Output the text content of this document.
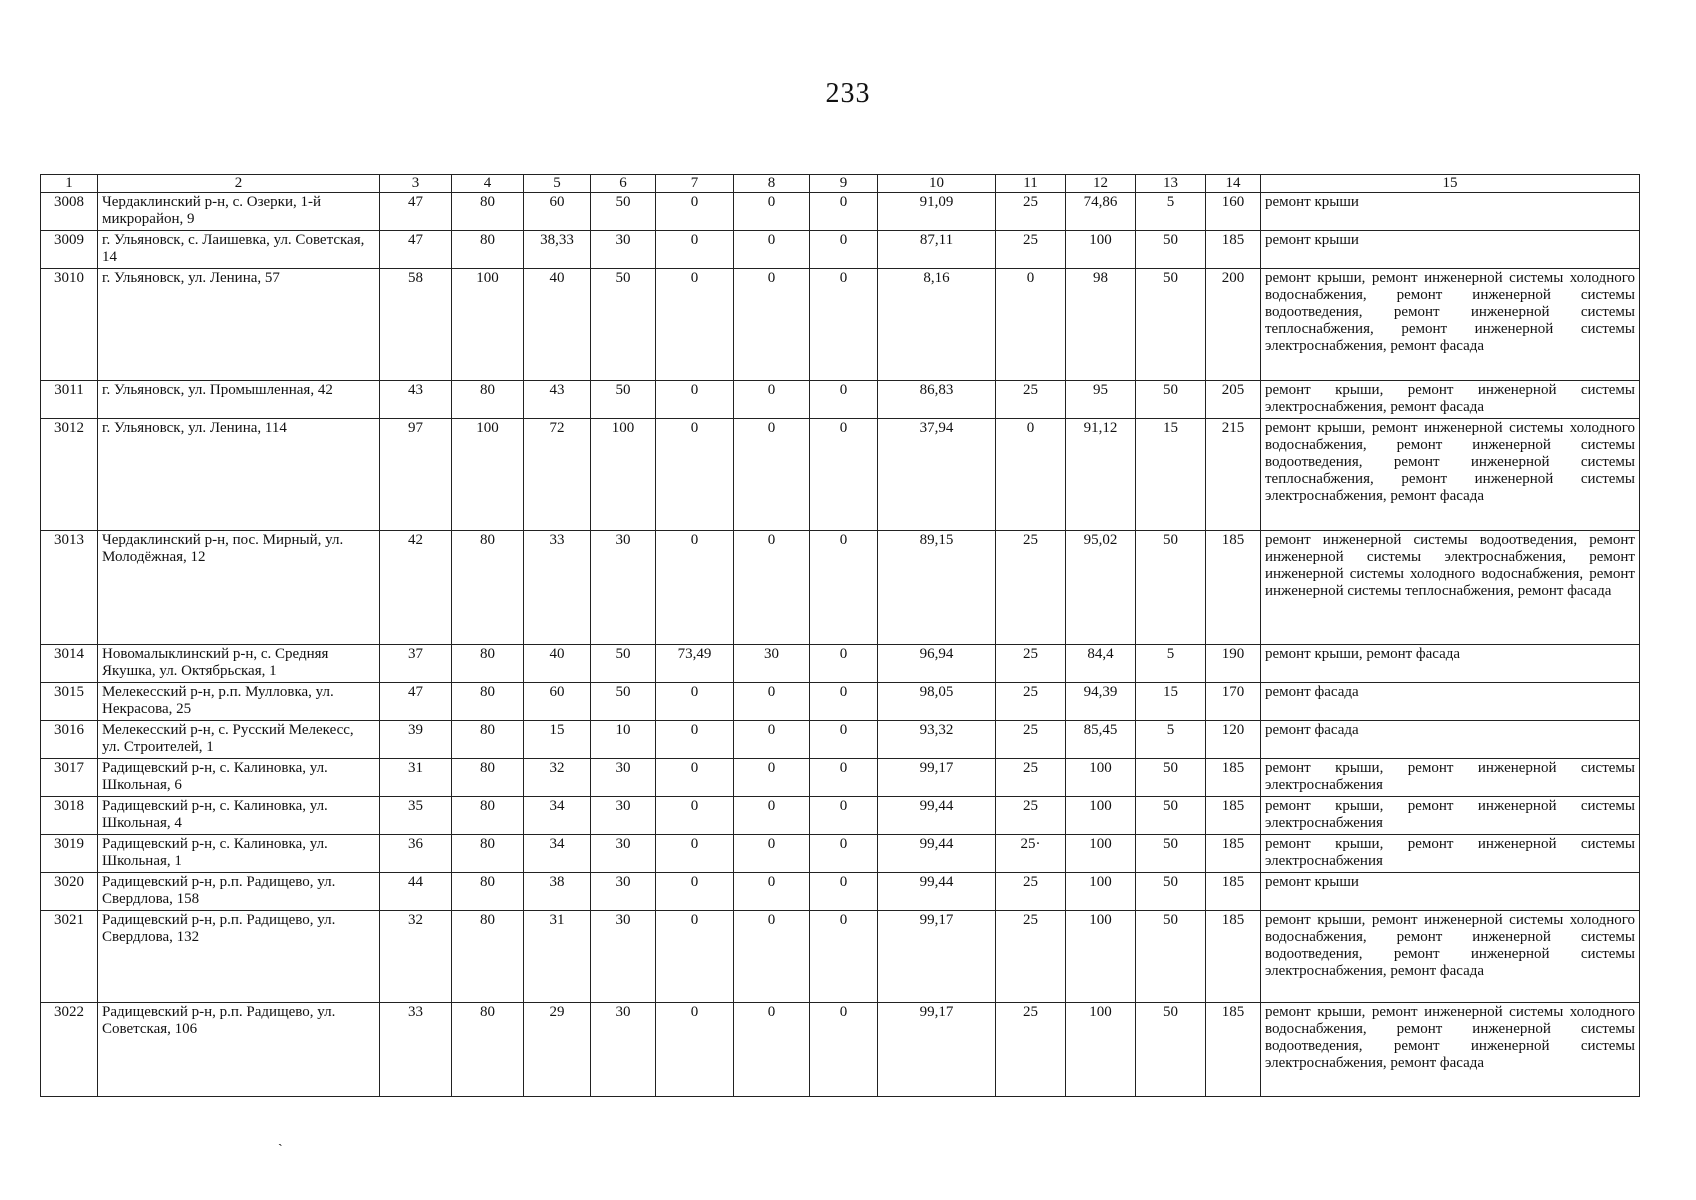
233
1	2	3	4	5	6	7	8	9	10	11	12	13	14	15
3008	Чердаклинский р-н, с. Озерки, 1-й микрорайон, 9	47	80	60	50	0	0	0	91,09	25	74,86	5	160	ремонт крыши
3009	г. Ульяновск, с. Лаишевка, ул. Советская, 14	47	80	38,33	30	0	0	0	87,11	25	100	50	185	ремонт крыши
3010	г. Ульяновск, ул. Ленина, 57	58	100	40	50	0	0	0	8,16	0	98	50	200	ремонт крыши, ремонт инженерной системы холодного водоснабжения, ремонт инженерной системы водоотведения, ремонт инженерной системы теплоснабжения, ремонт инженерной системы электроснабжения, ремонт фасада
3011	г. Ульяновск, ул. Промышленная, 42	43	80	43	50	0	0	0	86,83	25	95	50	205	ремонт крыши, ремонт инженерной системы электроснабжения, ремонт фасада
3012	г. Ульяновск, ул. Ленина, 114	97	100	72	100	0	0	0	37,94	0	91,12	15	215	ремонт крыши, ремонт инженерной системы холодного водоснабжения, ремонт инженерной системы водоотведения, ремонт инженерной системы теплоснабжения, ремонт инженерной системы электроснабжения, ремонт фасада
3013	Чердаклинский р-н, пос. Мирный, ул. Молодёжная, 12	42	80	33	30	0	0	0	89,15	25	95,02	50	185	ремонт инженерной системы водоотведения, ремонт инженерной системы электроснабжения, ремонт инженерной системы холодного водоснабжения, ремонт инженерной системы теплоснабжения, ремонт фасада
3014	Новомалыклинский р-н, с. Средняя Якушка, ул. Октябрьская, 1	37	80	40	50	73,49	30	0	96,94	25	84,4	5	190	ремонт крыши, ремонт фасада
3015	Мелекесский р-н, р.п. Мулловка, ул. Некрасова, 25	47	80	60	50	0	0	0	98,05	25	94,39	15	170	ремонт фасада
3016	Мелекесский р-н, с. Русский Мелекесс, ул. Строителей, 1	39	80	15	10	0	0	0	93,32	25	85,45	5	120	ремонт фасада
3017	Радищевский р-н, с. Калиновка, ул. Школьная, 6	31	80	32	30	0	0	0	99,17	25	100	50	185	ремонт крыши, ремонт инженерной системы электроснабжения
3018	Радищевский р-н, с. Калиновка, ул. Школьная, 4	35	80	34	30	0	0	0	99,44	25	100	50	185	ремонт крыши, ремонт инженерной системы электроснабжения
3019	Радищевский р-н, с. Калиновка, ул. Школьная, 1	36	80	34	30	0	0	0	99,44	25·	100	50	185	ремонт крыши, ремонт инженерной системы электроснабжения
3020	Радищевский р-н, р.п. Радищево, ул. Свердлова, 158	44	80	38	30	0	0	0	99,44	25	100	50	185	ремонт крыши
3021	Радищевский р-н, р.п. Радищево, ул. Свердлова, 132	32	80	31	30	0	0	0	99,17	25	100	50	185	ремонт крыши, ремонт инженерной системы холодного водоснабжения, ремонт инженерной системы водоотведения, ремонт инженерной системы электроснабжения, ремонт фасада
3022	Радищевский р-н, р.п. Радищево, ул. Советская, 106	33	80	29	30	0	0	0	99,17	25	100	50	185	ремонт крыши, ремонт инженерной системы холодного водоснабжения, ремонт инженерной системы водоотведения, ремонт инженерной системы электроснабжения, ремонт фасада
ˎ
